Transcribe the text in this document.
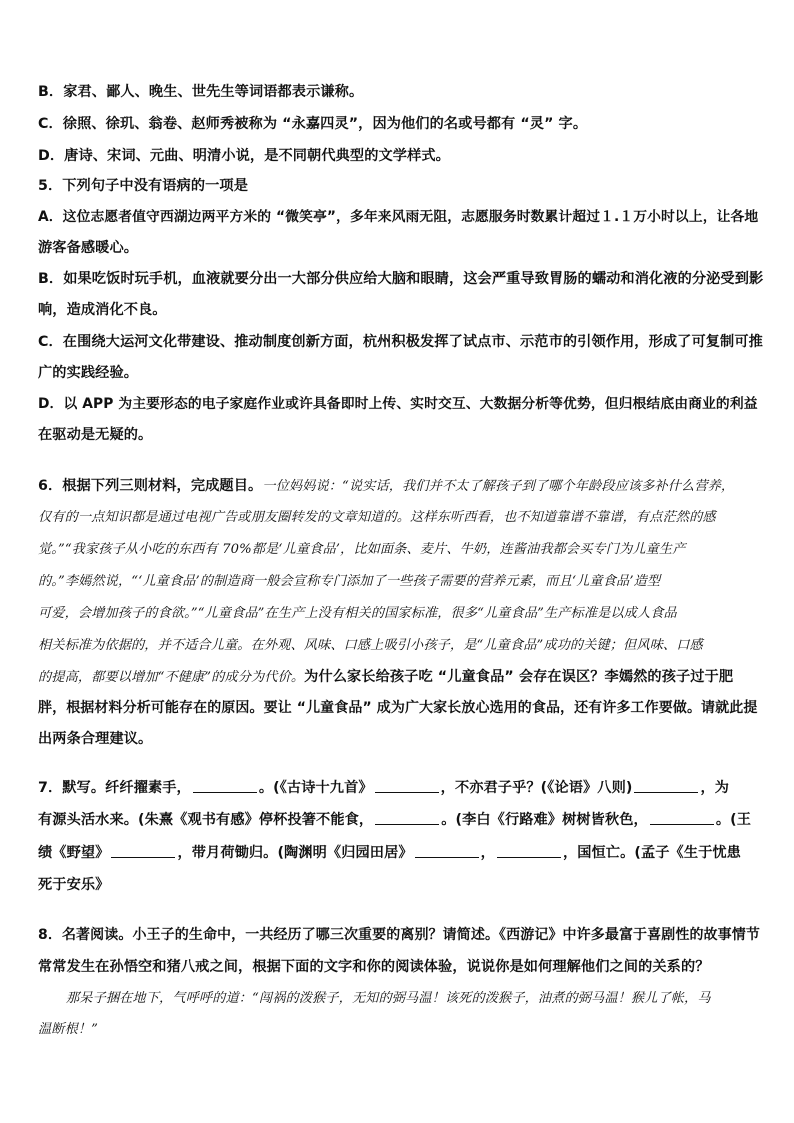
B．家君、鄙人、晚生、世先生等词语都表示谦称。
C．徐照、徐玑、翁卷、赵师秀被称为 “永嘉四灵”，因为他们的名或号都有 “灵” 字。
D．唐诗、宋词、元曲、明清小说，是不同朝代典型的文学样式。
5．下列句子中没有语病的一项是
A．这位志愿者值守西湖边两平方米的 “微笑亭”，多年来风雨无阻，志愿服务时数累计超过１.１万小时以上，让各地
游客备感暖心。
B．如果吃饭时玩手机，血液就要分出一大部分供应给大脑和眼睛，这会严重导致胃肠的蠕动和消化液的分泌受到影
响，造成消化不良。
C．在围绕大运河文化带建设、推动制度创新方面，杭州积极发挥了试点市、示范市的引领作用，形成了可复制可推
广的实践经验。
D．以 APP 为主要形态的电子家庭作业或许具备即时上传、实时交互、大数据分析等优势，但归根结底由商业的利益
在驱动是无疑的。
6．根据下列三则材料，完成题目。一位妈妈说：“说实话，我们并不太了解孩子到了哪个年龄段应该多补什么营养，
仅有的一点知识都是通过电视广告或朋友圈转发的文章知道的。这样东听西看，也不知道靠谱不靠谱，有点茫然的感
觉。”“我家孩子从小吃的东西有 70%都是‘儿童食品’，比如面条、麦片、牛奶，连酱油我都会买专门为儿童生产
的。”李嫣然说，“‘儿童食品’的制造商一般会宣称专门添加了一些孩子需要的营养元素，而且‘儿童食品’造型
可爱，会增加孩子的食欲。”“儿童食品”在生产上没有相关的国家标准，很多“儿童食品”生产标准是以成人食品
相关标准为依据的，并不适合儿童。在外观、风味、口感上吸引小孩子，是“儿童食品”成功的关键；但风味、口感
的提高，都要以增加“不健康”的成分为代价。为什么家长给孩子吃 “儿童食品” 会存在误区？李嫣然的孩子过于肥
胖，根据材料分析可能存在的原因。要让 “儿童食品” 成为广大家长放心选用的食品，还有许多工作要做。请就此提
出两条合理建议。
7．默写。纤纤擢素手，	。(《古诗十九首》	，不亦君子乎？(《论语》八则)	，为
有源头活水来。(朱熹《观书有感》停杯投箸不能食，	。(李白《行路难》树树皆秋色，	。(王
绩《野望》	，带月荷锄归。(陶渊明《归园田居》	，	，国恒亡。(孟子《生于忧患
死于安乐》
8．名著阅读。小王子的生命中，一共经历了哪三次重要的离别？请简述。《西游记》中许多最富于喜剧性的故事情节
常常发生在孙悟空和猪八戒之间，根据下面的文字和你的阅读体验，说说你是如何理解他们之间的关系的？
那呆子捆在地下，气呼呼的道：“闯祸的泼猴子，无知的弼马温！该死的泼猴子，油煮的弼马温！猴儿了帐，马
温断根！”
